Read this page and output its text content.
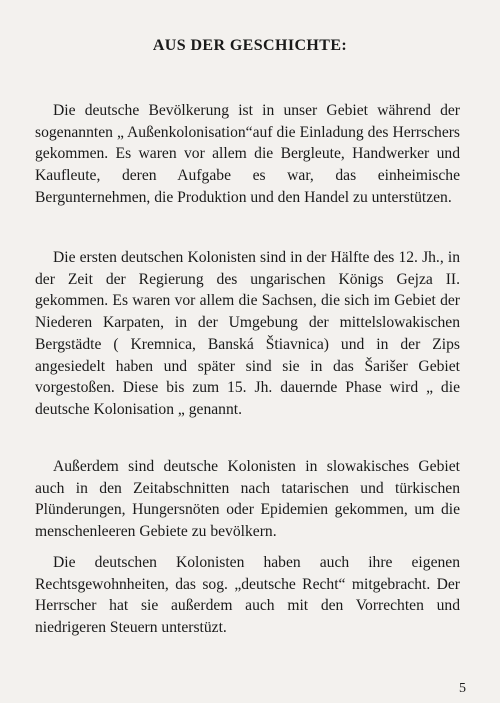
AUS DER GESCHICHTE:

Die deutsche Bevölkerung ist in unser Gebiet während der sogenannten „ Außenkolonisation“auf die Einladung des Herrschers gekommen. Es waren vor allem die Bergleute, Handwerker und Kaufleute, deren Aufgabe es war, das einheimische Bergunternehmen, die Produktion und den Handel zu unterstützen.

Die ersten deutschen Kolonisten sind in der Hälfte des 12. Jh., in der Zeit der Regierung des ungarischen Königs Gejza II. gekommen. Es waren vor allem die Sachsen, die sich im Gebiet der Niederen Karpaten, in der Umgebung der mittelslowakischen Bergstädte ( Kremnica, Banská Štiavnica) und in der Zips angesiedelt haben und später sind sie in das Šarišer Gebiet vorgestoßen. Diese bis zum 15. Jh. dauernde Phase wird „ die deutsche Kolonisation „ genannt.

Außerdem sind deutsche Kolonisten in slowakisches Gebiet auch in den Zeitabschnitten nach tatarischen und türkischen Plünderungen, Hungersnöten oder Epidemien gekommen, um die menschenleeren Gebiete zu bevölkern.

Die deutschen Kolonisten haben auch ihre eigenen Rechtsgewohnheiten, das sog. „deutsche Recht“ mitgebracht. Der Herrscher hat sie außerdem auch mit den Vorrechten und niedrigeren Steuern unterstüzt.

5
